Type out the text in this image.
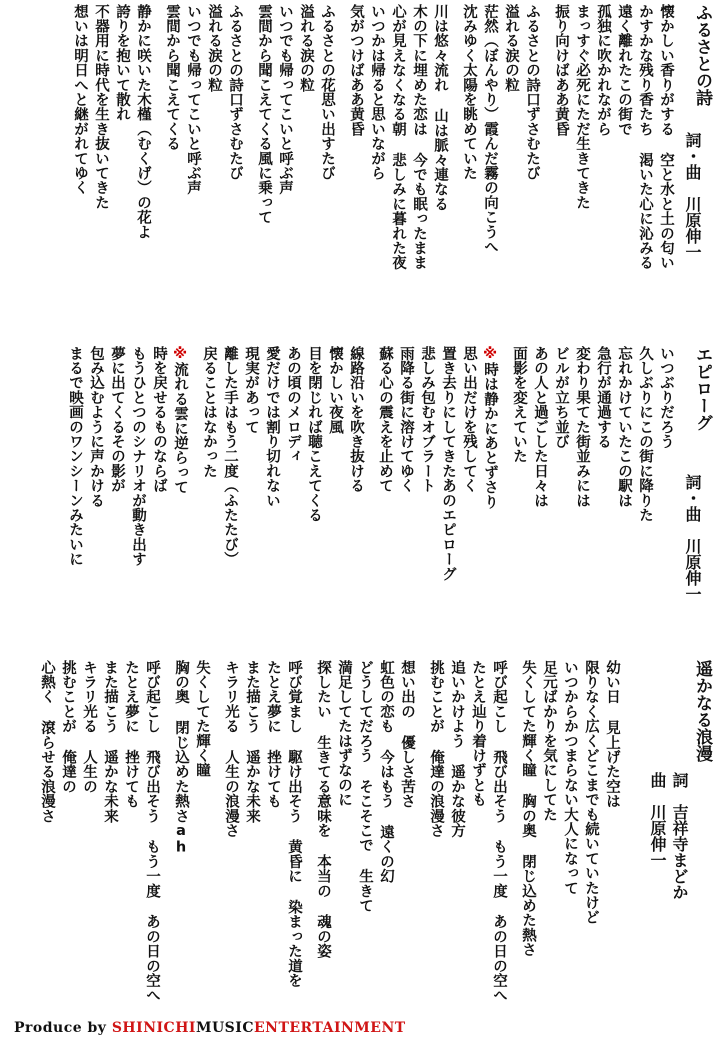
ふるさとの詩
詞・曲　川原伸一
懐かしい香りがする 空と水と土の匂い
かすかな残り香たち 渇いた心に沁みる
遠く離れたこの街で
孤独に吹かれながら
まっすぐ必死にただ生きてきた
振り向けばああ黄昏
ふるさとの詩口ずさむたび
溢れる涙の粒
茫然（ぼんやり）霞んだ霧の向こうへ
沈みゆく太陽を眺めていた
川は悠々流れ 山は脈々連なる
木の下に埋めた恋は 今でも眠ったまま
心が見えなくなる朝 悲しみに暮れた夜
いつかは帰ると思いながら
気がつけばああ黄昏
ふるさとの花思い出すたび
溢れる涙の粒
いつでも帰ってこいと呼ぶ声
雲間から聞こえてくる風に乗って
ふるさとの詩口ずさむたび
溢れる涙の粒
いつでも帰ってこいと呼ぶ声
雲間から聞こえてくる
静かに咲いた木槿（むくげ）の花よ
誇りを抱いて散れ
不器用に時代を生き抜いてきた
想いは明日へと継がれてゆく
エピローグ
詞・曲　川原伸一
いつぶりだろう
久しぶりにこの街に降りた
忘れかけていたこの駅は
急行が通過する
変わり果てた街並みには
ビルが立ち並び
あの人と過ごした日々は
面影を変えていた
※時は静かにあとずさり
思い出だけを残してく
置き去りにしてきたあのエピローグ
悲しみ包むオブラート
雨降る街に溶けてゆく
蘇る心の震えを止めて
線路沿いを吹き抜ける
懐かしい夜風
目を閉じれば聴こえてくる
あの頃のメロディ
愛だけでは割り切れない
現実があって
離した手はもう二度（ふたたび）
戻ることはなかった
※流れる雲に逆らって
時を戻せるものならば
もうひとつのシナリオが動き出す
夢に出てくるその影が
包み込むように声かける
まるで映画のワンシーンみたいに
遥かなる浪漫
詞　吉祥寺まどか
曲　川原伸一
幼い日 見上げた空は
限りなく広くどこまでも続いていたけど
いつからかつまらない大人になって
足元ばかりを気にしてた
失くしてた輝く瞳 胸の奥 閉じ込めた熱さ
呼び起こし 飛び出そう もう一度 あの日の空へ
たとえ辿り着けずとも
追いかけよう 遥かな彼方
挑むことが 俺達の浪漫さ
想い出の 優しさ苦さ
虹色の恋も 今はもう 遠くの幻
どうしてだろう そこそこで 生きて
満足してたはずなのに
探したい 生きてる意味を 本当の 魂の姿
呼び覚まし 駆け出そう 黄昏に 染まった道を
たとえ夢に 挫けても
また描こう 遥かな未来
キラリ光る 人生の浪漫さ
失くしてた輝く瞳
胸の奥 閉じ込めた熱さah
呼び起こし 飛び出そう もう一度 あの日の空へ
たとえ夢に 挫けても
また描こう 遥かな未来
キラリ光る 人生の
挑むことが 俺達の
心熱く 滾らせる浪漫さ
Produce by SHINICHIMUSICENTERTAINMENT
